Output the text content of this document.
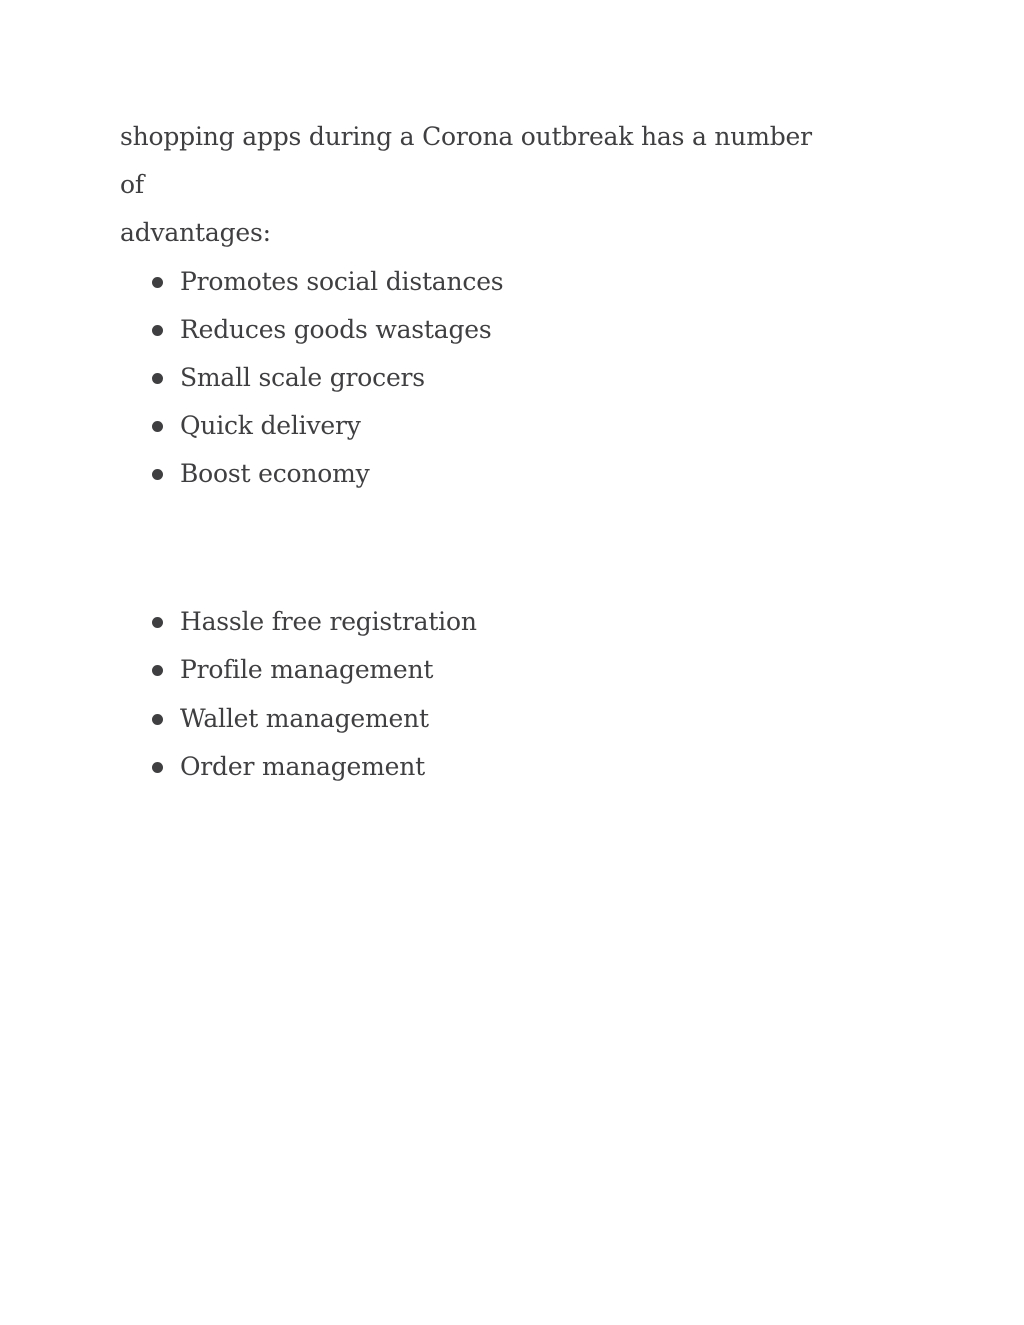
shopping apps during a Corona outbreak has a number of
advantages:

Promotes social distances
Reduces goods wastages
Small scale grocers
Quick delivery
Boost economy
Hassle free registration
Profile management
Wallet management
Order management
